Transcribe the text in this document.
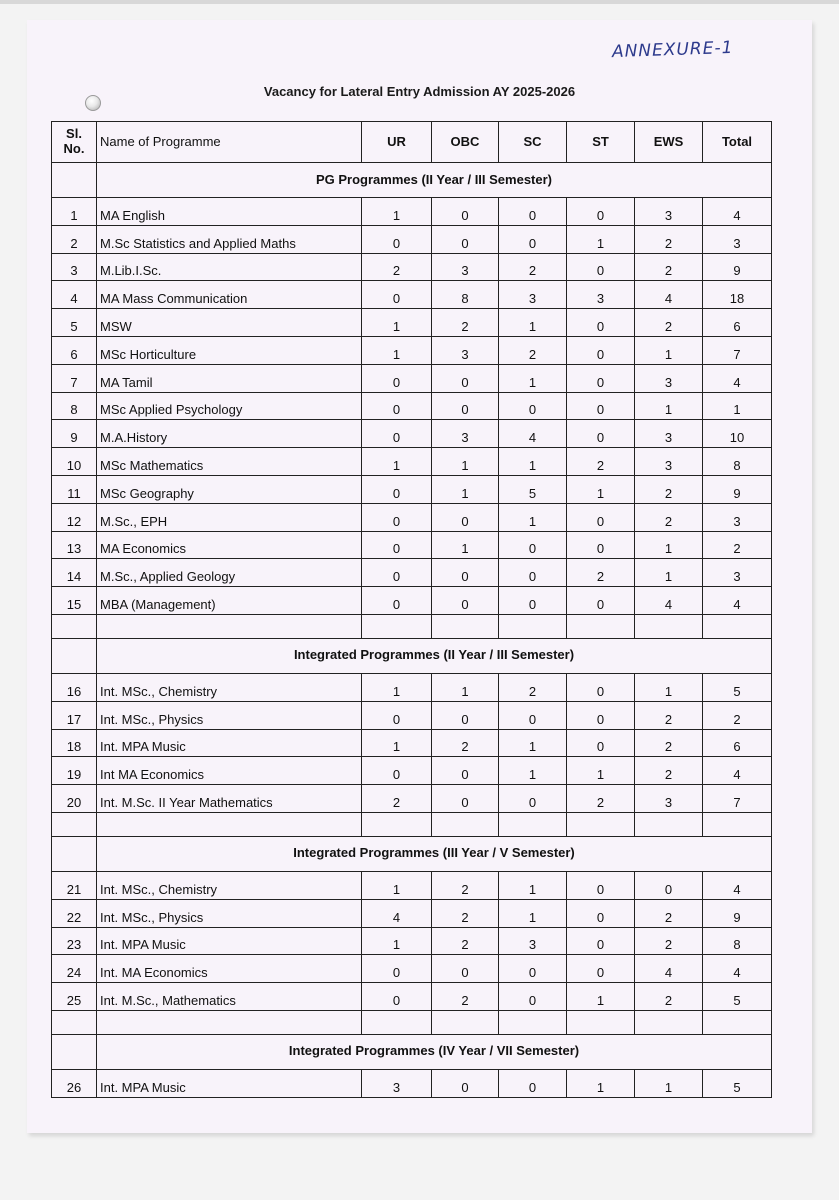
ANNEXURE-1
Vacancy for Lateral Entry Admission AY 2025-2026
Sl.
No.	Name of Programme	UR	OBC	SC	ST	EWS	Total
	PG Programmes (II Year / III Semester)						
1	MA English	1	0	0	0	3	4
2	M.Sc Statistics and Applied Maths	0	0	0	1	2	3
3	M.Lib.I.Sc.	2	3	2	0	2	9
4	MA Mass Communication	0	8	3	3	4	18
5	MSW	1	2	1	0	2	6
6	MSc Horticulture	1	3	2	0	1	7
7	MA Tamil	0	0	1	0	3	4
8	MSc Applied Psychology	0	0	0	0	1	1
9	M.A.History	0	3	4	0	3	10
10	MSc Mathematics	1	1	1	2	3	8
11	MSc Geography	0	1	5	1	2	9
12	M.Sc., EPH	0	0	1	0	2	3
13	MA Economics	0	1	0	0	1	2
14	M.Sc., Applied Geology	0	0	0	2	1	3
15	MBA (Management)	0	0	0	0	4	4

	Integrated Programmes (II Year / III Semester)						
16	Int. MSc., Chemistry	1	1	2	0	1	5
17	Int. MSc., Physics	0	0	0	0	2	2
18	Int. MPA Music	1	2	1	0	2	6
19	Int MA Economics	0	0	1	1	2	4
20	Int. M.Sc. II Year Mathematics	2	0	0	2	3	7

	Integrated Programmes (III Year / V Semester)						
21	Int. MSc., Chemistry	1	2	1	0	0	4
22	Int. MSc., Physics	4	2	1	0	2	9
23	Int. MPA Music	1	2	3	0	2	8
24	Int. MA Economics	0	0	0	0	4	4
25	Int. M.Sc., Mathematics	0	2	0	1	2	5

	Integrated Programmes (IV Year / VII Semester)						
26	Int. MPA Music	3	0	0	1	1	5
